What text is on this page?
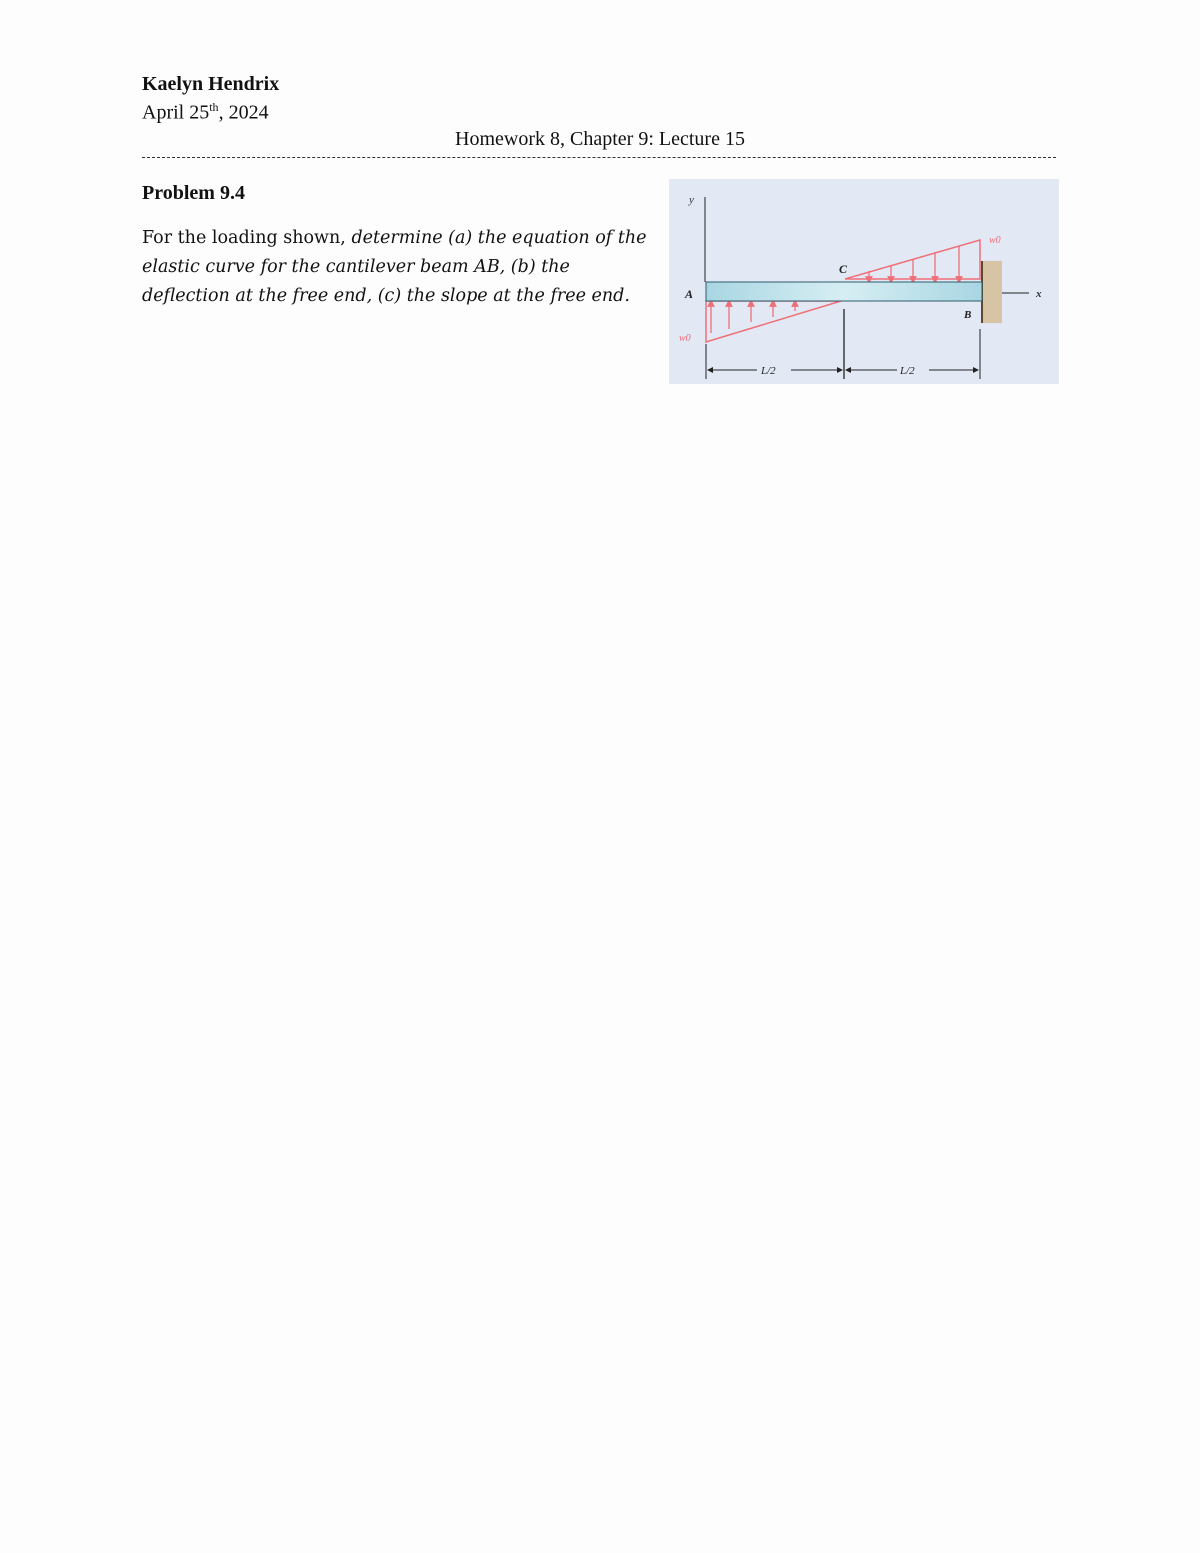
Kaelyn Hendrix
April 25th, 2024
Homework 8, Chapter 9: Lecture 15
Problem 9.4
For the loading shown, determine (a) the equation of the elastic curve for the cantilever beam AB, (b) the deflection at the free end, (c) the slope at the free end.
y
x
w0
w0
A
C
B
L/2	L/2
